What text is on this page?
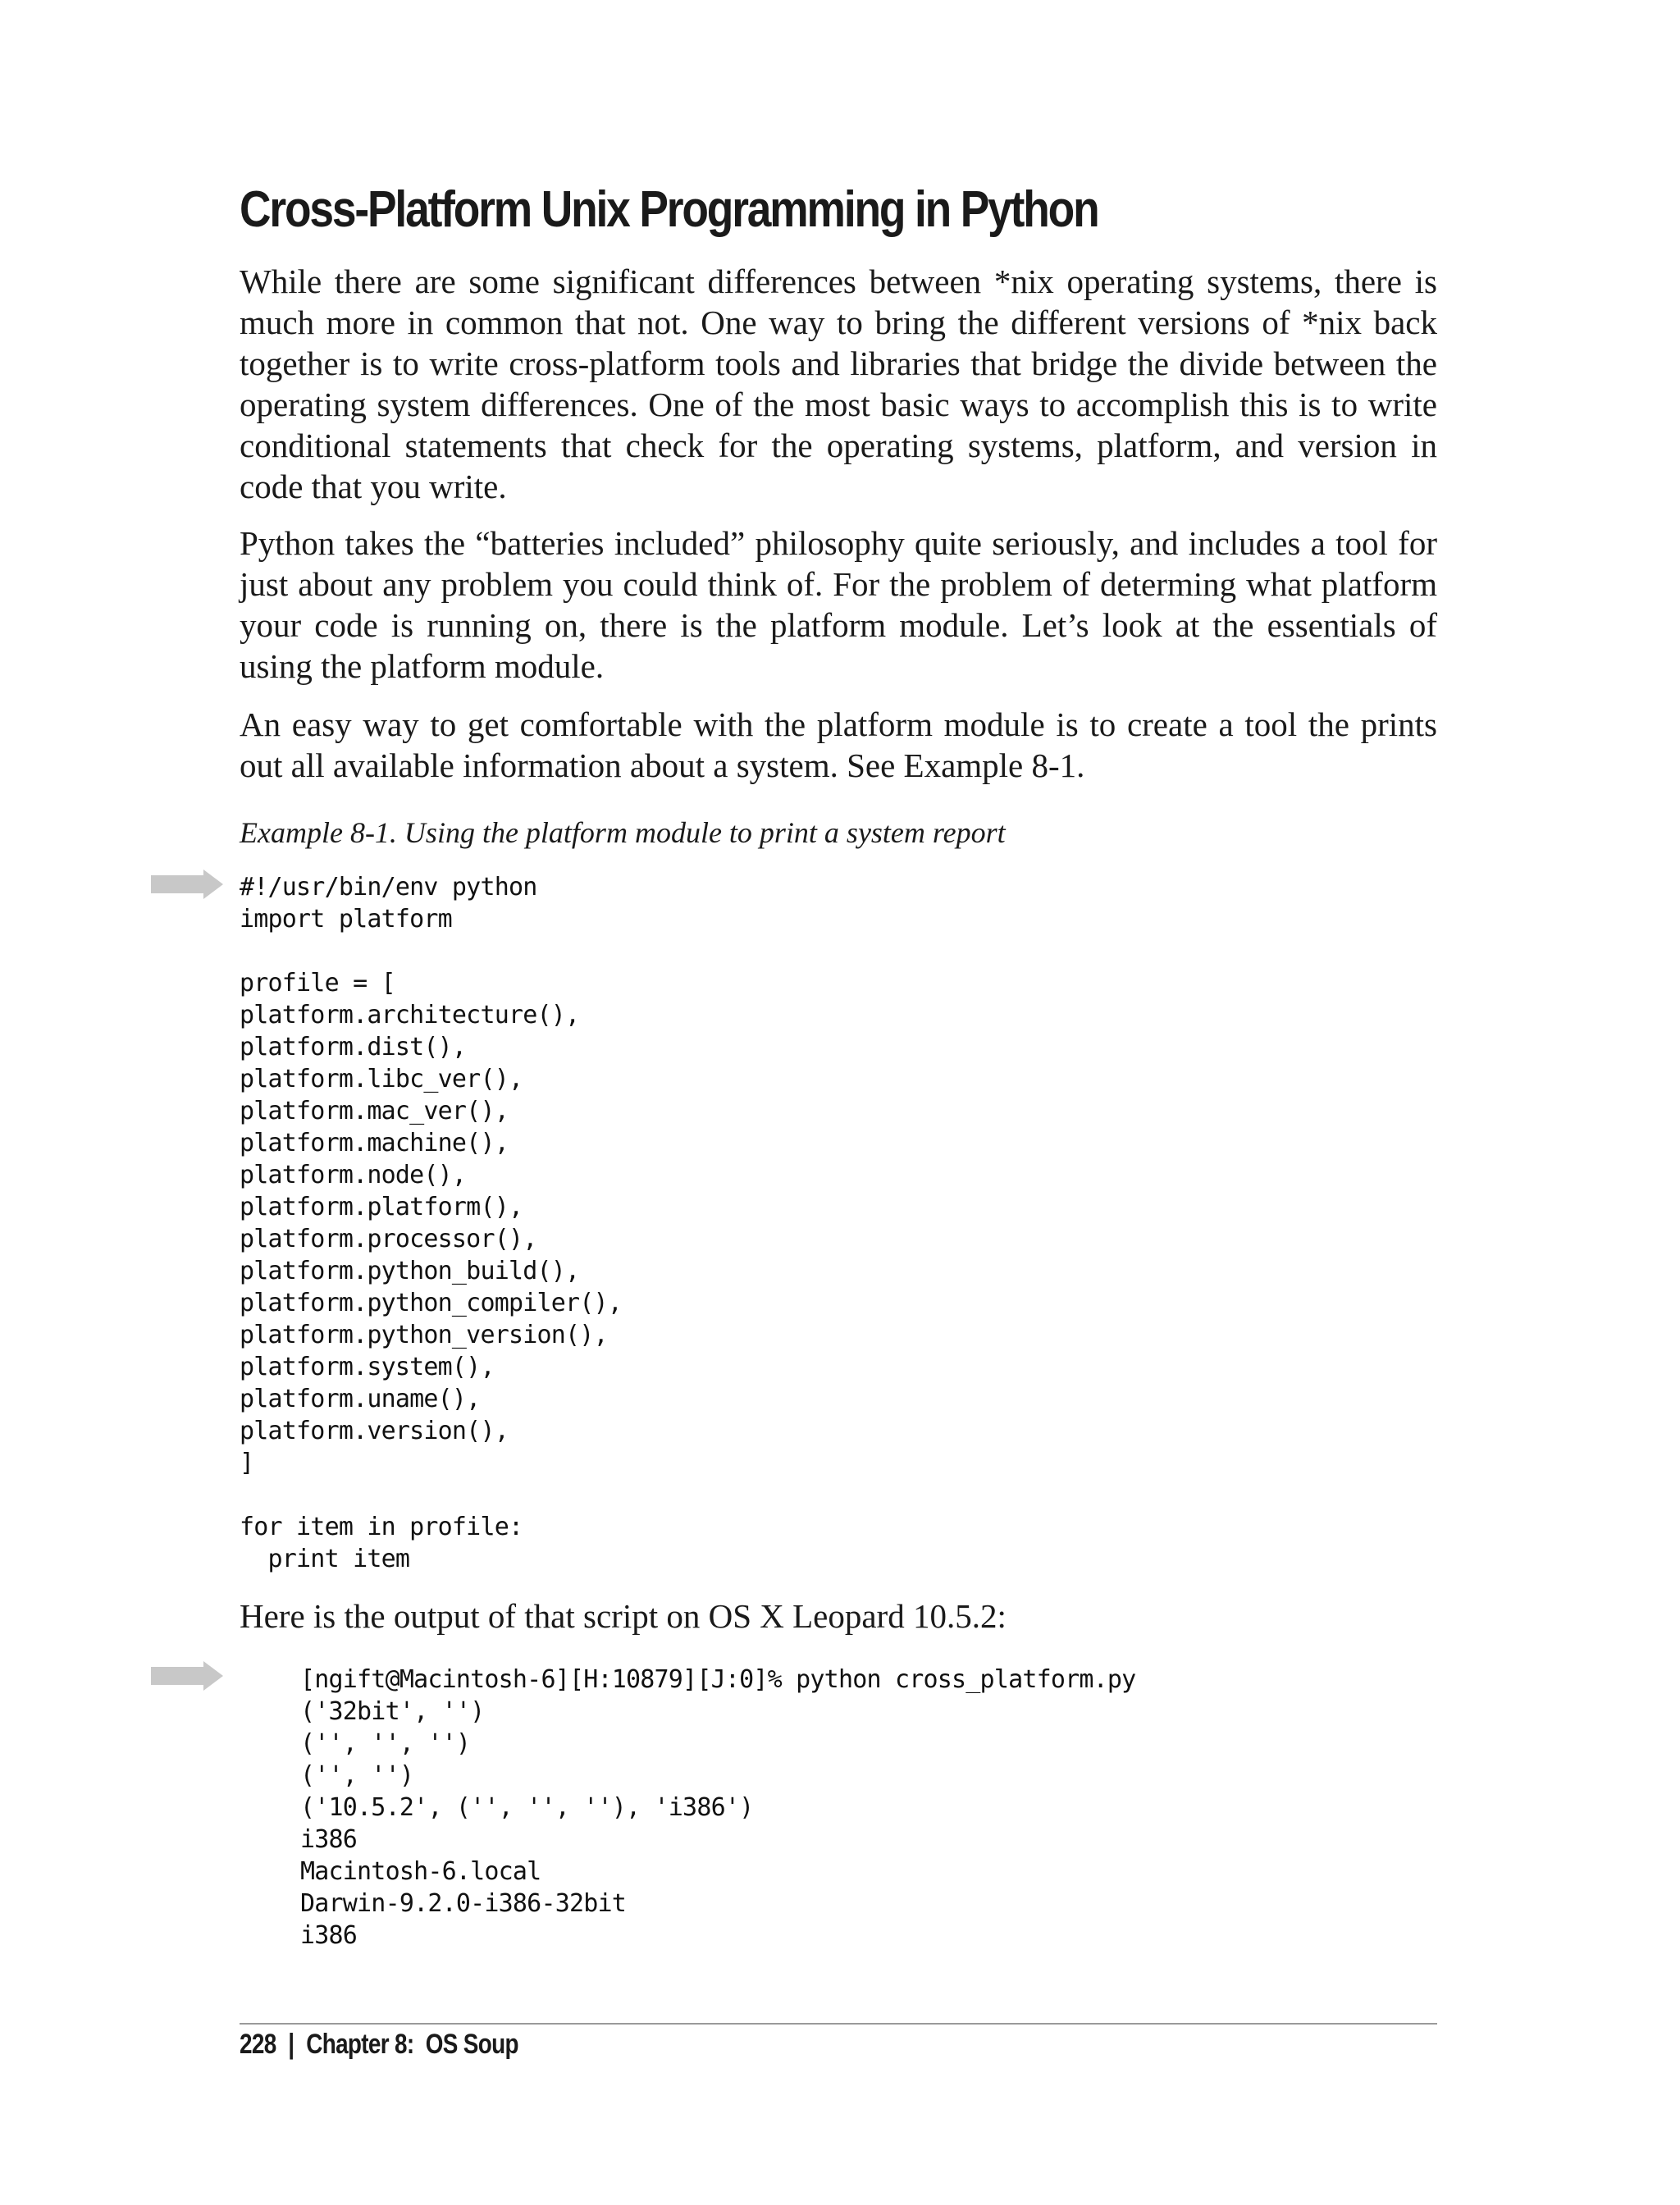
Cross-Platform Unix Programming in Python

While there are some significant differences between *nix operating systems, there is much more in common that not. One way to bring the different versions of *nix back together is to write cross-platform tools and libraries that bridge the divide between the operating system differences. One of the most basic ways to accomplish this is to write conditional statements that check for the operating systems, platform, and version in code that you write.

Python takes the “batteries included” philosophy quite seriously, and includes a tool for just about any problem you could think of. For the problem of determing what platform your code is running on, there is the platform module. Let’s look at the essentials of using the platform module.

An easy way to get comfortable with the platform module is to create a tool the prints out all available information about a system. See Example 8-1.

Example 8-1. Using the platform module to print a system report

#!/usr/bin/env python
import platform

profile = [
platform.architecture(),
platform.dist(),
platform.libc_ver(),
platform.mac_ver(),
platform.machine(),
platform.node(),
platform.platform(),
platform.processor(),
platform.python_build(),
platform.python_compiler(),
platform.python_version(),
platform.system(),
platform.uname(),
platform.version(),
]

for item in profile:
print item

Here is the output of that script on OS X Leopard 10.5.2:

[ngift@Macintosh-6][H:10879][J:0]% python cross_platform.py
('32bit', '')
('', '', '')
('', '')
('10.5.2', ('', '', ''), 'i386')
i386
Macintosh-6.local
Darwin-9.2.0-i386-32bit
i386
228 | Chapter 8:  OS Soup
